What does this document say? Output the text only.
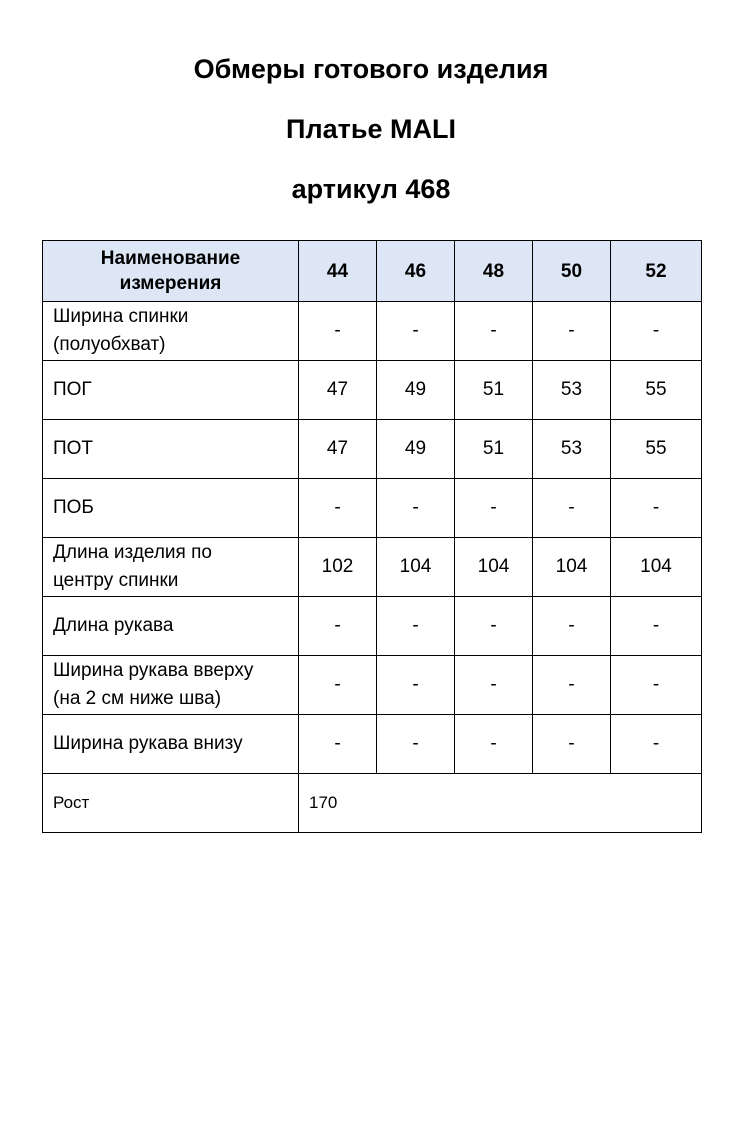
Обмеры готового изделия
Платье MALI
артикул 468
Наименование
измерения	44	46	48	50	52
Ширина спинки
(полуобхват)	-	-	-	-	-
ПОГ	47	49	51	53	55
ПОТ	47	49	51	53	55
ПОБ	-	-	-	-	-
Длина изделия по
центру спинки	102	104	104	104	104
Длина рукава	-	-	-	-	-
Ширина рукава вверху
(на 2 см ниже шва)	-	-	-	-	-
Ширина рукава внизу	-	-	-	-	-
Рост	170				
